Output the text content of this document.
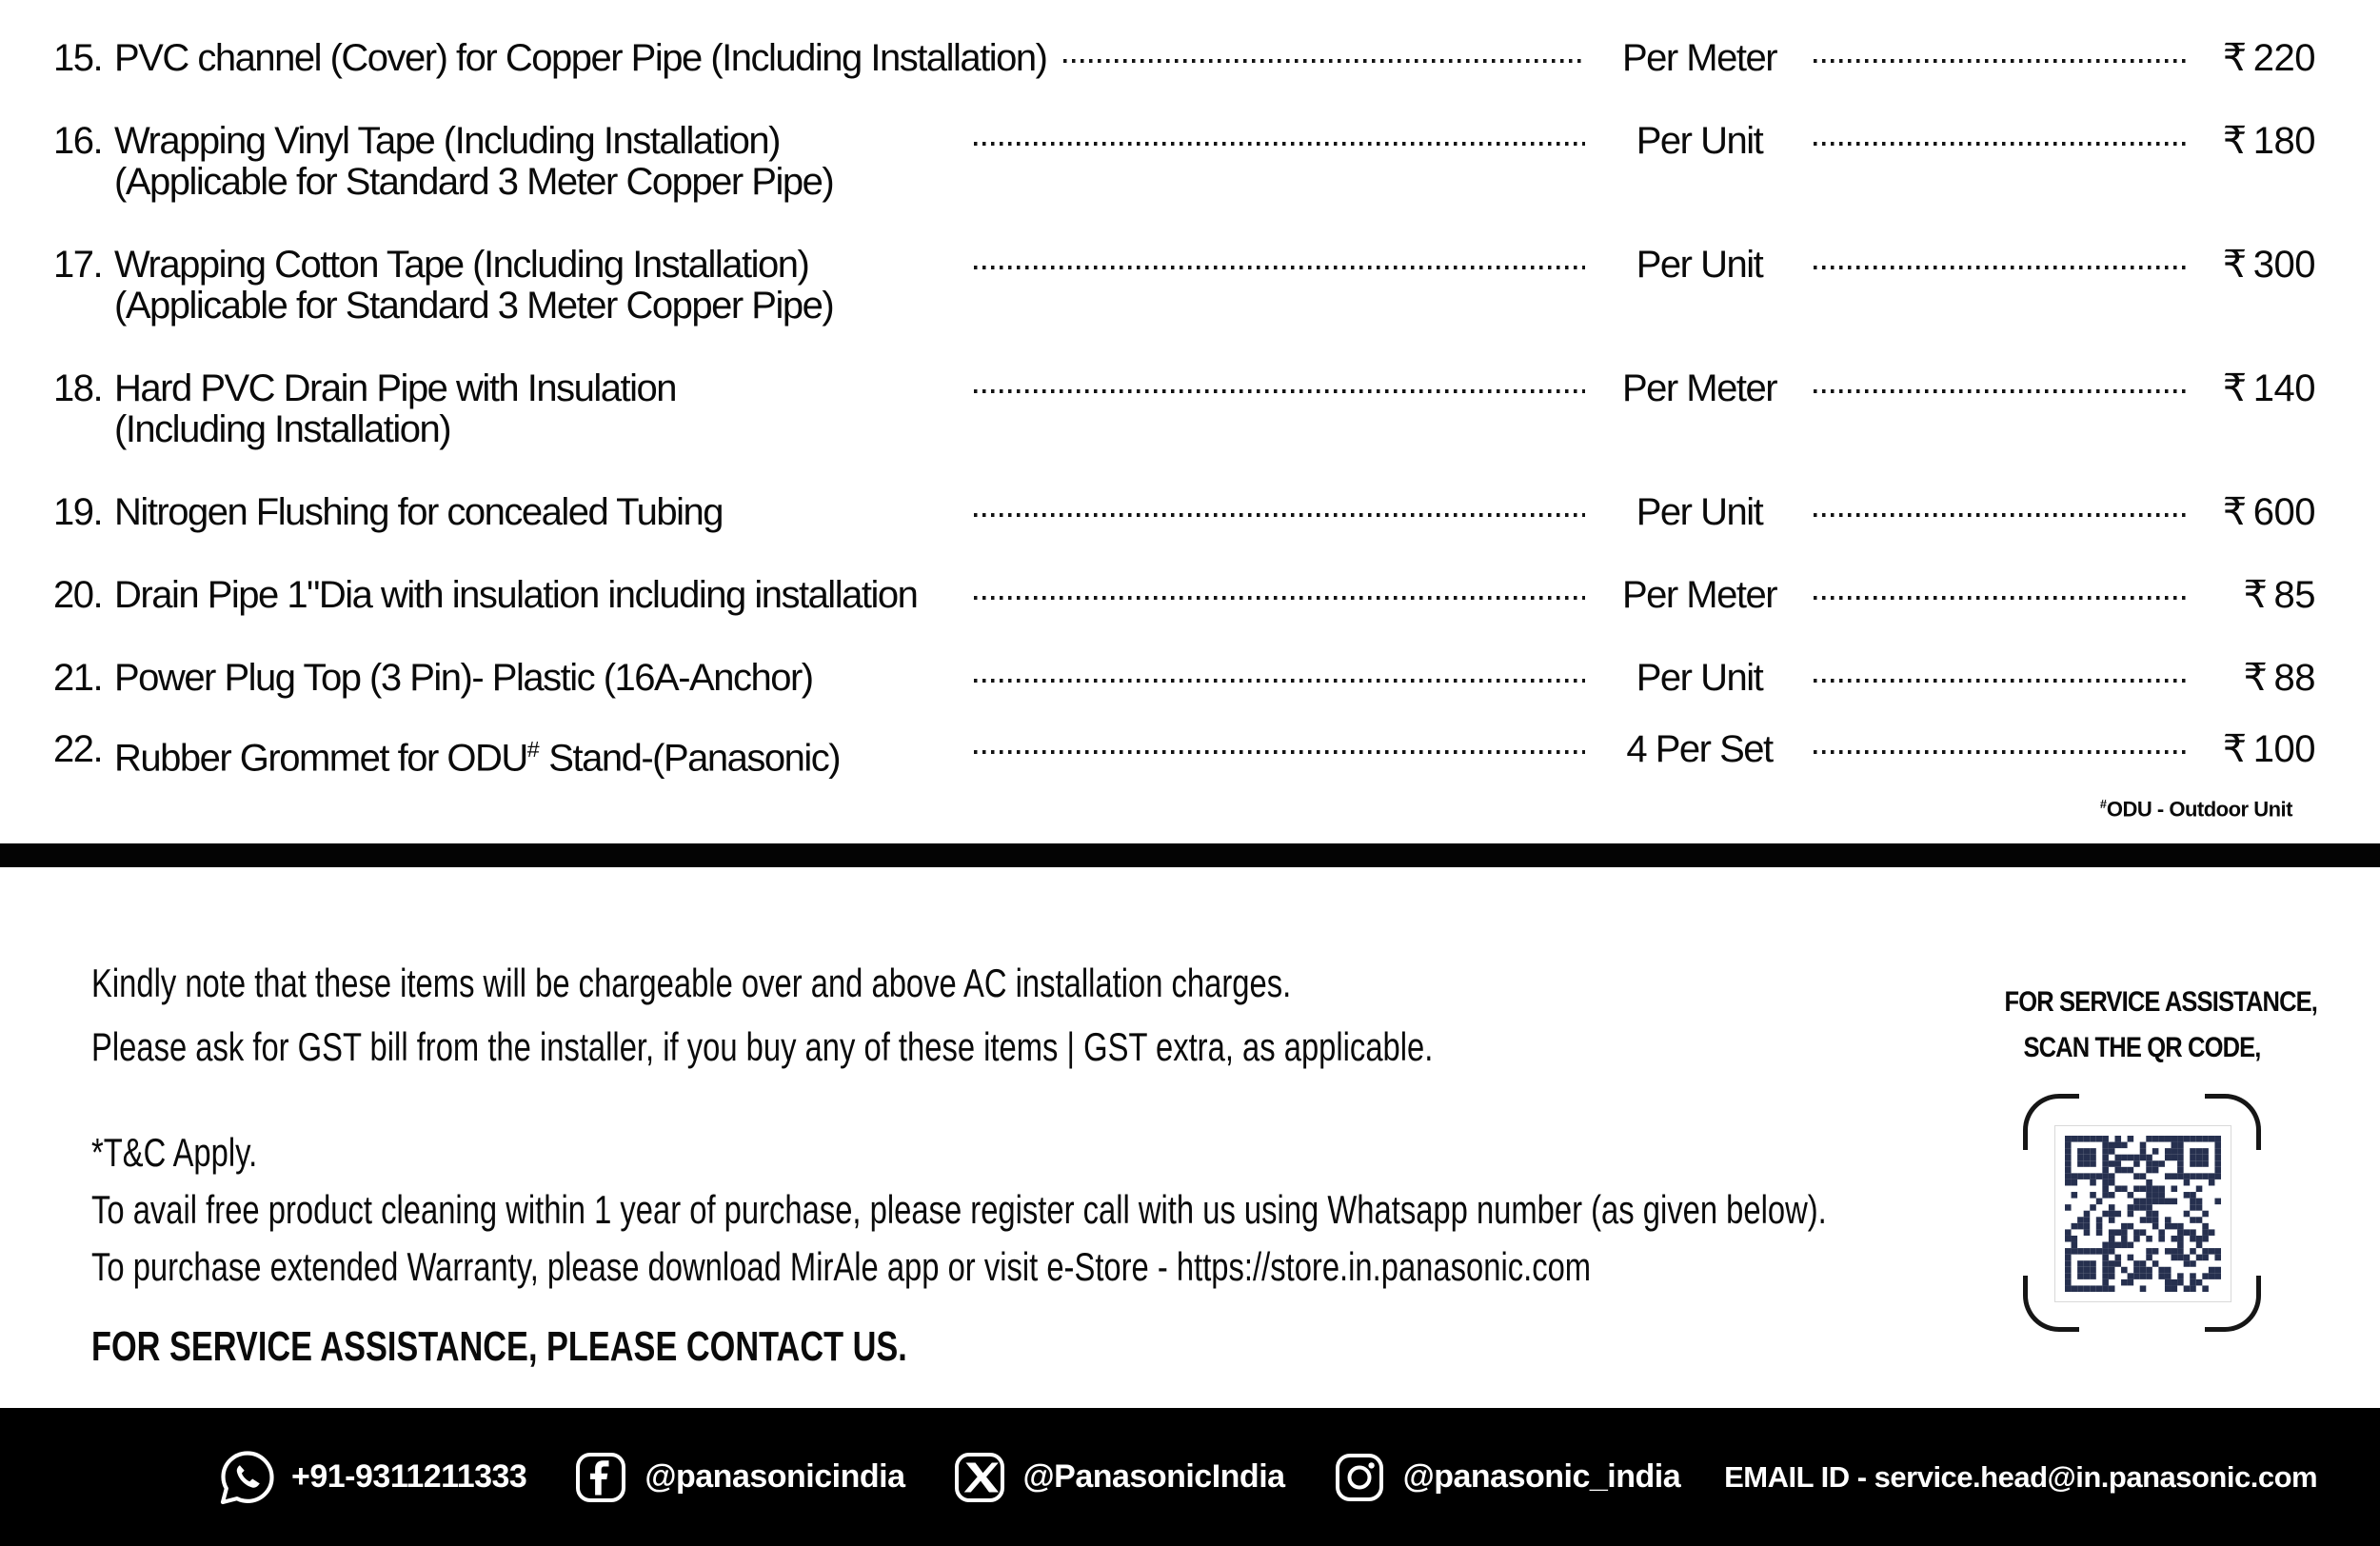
15. PVC channel (Cover) for Copper Pipe (Including Installation)	Per Meter	₹ 220
16. Wrapping Vinyl Tape (Including Installation)
(Applicable for Standard 3 Meter Copper Pipe)
Per Unit	₹ 180
17. Wrapping Cotton Tape (Including Installation)
(Applicable for Standard 3 Meter Copper Pipe)
Per Unit	₹ 300
18. Hard PVC Drain Pipe with Insulation
(Including Installation)
Per Meter	₹ 140
19. Nitrogen Flushing for concealed Tubing	Per Unit	₹ 600
20. Drain Pipe 1"Dia with insulation including installation	Per Meter	₹ 85
21. Power Plug Top (3 Pin)- Plastic (16A-Anchor)	Per Unit	₹ 88
22. Rubber Grommet for ODU# Stand-(Panasonic)	4 Per Set	₹ 100
#ODU - Outdoor Unit
Kindly note that these items will be chargeable over and above AC installation charges.
Please ask for GST bill from the installer, if you buy any of these items | GST extra, as applicable.
*T&C Apply.
To avail free product cleaning within 1 year of purchase, please register call with us using Whatsapp number (as given below).
To purchase extended Warranty, please download MirAle app or visit e-Store - https://store.in.panasonic.com
FOR SERVICE ASSISTANCE, PLEASE CONTACT US.
FOR SERVICE ASSISTANCE,
SCAN THE QR CODE,
+91-9311211333	@panasonicindia	@PanasonicIndia	@panasonic_india EMAIL ID - service.head@in.panasonic.com
